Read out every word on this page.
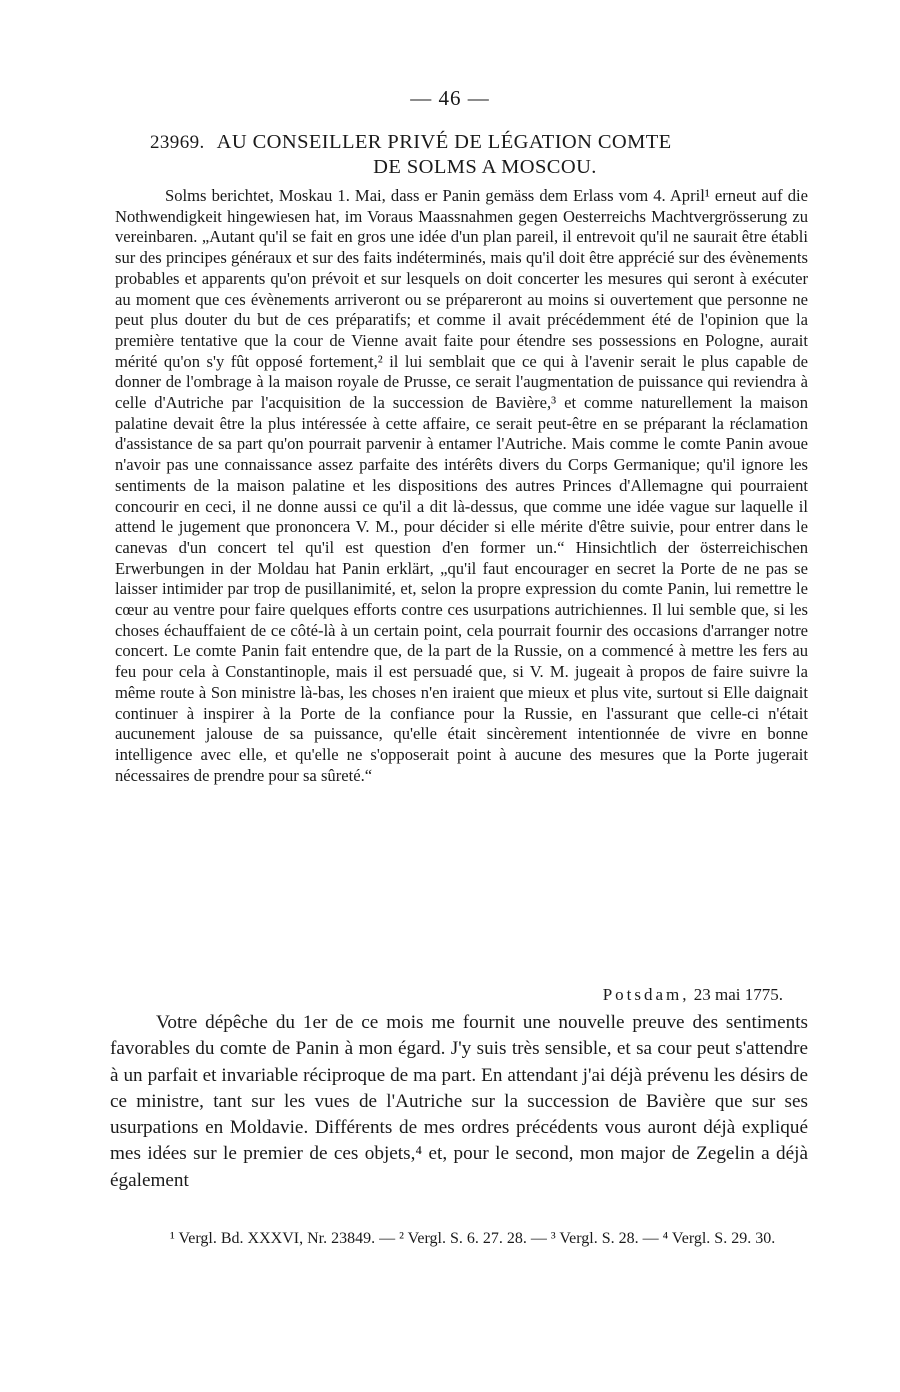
— 46 —
23969. AU CONSEILLER PRIVÉ DE LÉGATION COMTE
DE SOLMS A MOSCOU.

Solms berichtet, Moskau 1. Mai, dass er Panin gemäss dem Erlass vom 4. April¹ erneut auf die Nothwendigkeit hingewiesen hat, im Voraus Maassnahmen gegen Oesterreichs Machtvergrösserung zu vereinbaren. „Autant qu'il se fait en gros une idée d'un plan pareil, il entrevoit qu'il ne saurait être établi sur des principes généraux et sur des faits indéterminés, mais qu'il doit être apprécié sur des évènements probables et apparents qu'on prévoit et sur lesquels on doit concerter les mesures qui seront à exécuter au moment que ces évènements arriveront ou se prépareront au moins si ouvertement que personne ne peut plus douter du but de ces préparatifs; et comme il avait précédemment été de l'opinion que la première tentative que la cour de Vienne avait faite pour étendre ses possessions en Pologne, aurait mérité qu'on s'y fût opposé fortement,² il lui semblait que ce qui à l'avenir serait le plus capable de donner de l'ombrage à la maison royale de Prusse, ce serait l'augmentation de puissance qui reviendra à celle d'Autriche par l'acquisition de la succession de Bavière,³ et comme naturellement la maison palatine devait être la plus intéressée à cette affaire, ce serait peut-être en se préparant la réclamation d'assistance de sa part qu'on pourrait parvenir à entamer l'Autriche. Mais comme le comte Panin avoue n'avoir pas une connaissance assez parfaite des intérêts divers du Corps Germanique; qu'il ignore les sentiments de la maison palatine et les dispositions des autres Princes d'Allemagne qui pourraient concourir en ceci, il ne donne aussi ce qu'il a dit là-dessus, que comme une idée vague sur laquelle il attend le jugement que prononcera V. M., pour décider si elle mérite d'être suivie, pour entrer dans le canevas d'un concert tel qu'il est question d'en former un.“ Hinsichtlich der österreichischen Erwerbungen in der Moldau hat Panin erklärt, „qu'il faut encourager en secret la Porte de ne pas se laisser intimider par trop de pusillanimité, et, selon la propre expression du comte Panin, lui remettre le cœur au ventre pour faire quelques efforts contre ces usurpations autrichiennes. Il lui semble que, si les choses échauffaient de ce côté-là à un certain point, cela pourrait fournir des occasions d'arranger notre concert. Le comte Panin fait entendre que, de la part de la Russie, on a commencé à mettre les fers au feu pour cela à Constantinople, mais il est persuadé que, si V. M. jugeait à propos de faire suivre la même route à Son ministre là-bas, les choses n'en iraient que mieux et plus vite, surtout si Elle daignait continuer à inspirer à la Porte de la confiance pour la Russie, en l'assurant que celle-ci n'était aucunement jalouse de sa puissance, qu'elle était sincèrement intentionnée de vivre en bonne intelligence avec elle, et qu'elle ne s'opposerait point à aucune des mesures que la Porte jugerait nécessaires de prendre pour sa sûreté.“

Potsdam, 23 mai 1775.

Votre dépêche du 1er de ce mois me fournit une nouvelle preuve des sentiments favorables du comte de Panin à mon égard. J'y suis très sensible, et sa cour peut s'attendre à un parfait et invariable réciproque de ma part. En attendant j'ai déjà prévenu les désirs de ce ministre, tant sur les vues de l'Autriche sur la succession de Bavière que sur ses usurpations en Moldavie. Différents de mes ordres précédents vous auront déjà expliqué mes idées sur le premier de ces objets,⁴ et, pour le second, mon major de Zegelin a déjà également

¹ Vergl. Bd. XXXVI, Nr. 23849. — ² Vergl. S. 6. 27. 28. — ³ Vergl. S. 28. — ⁴ Vergl. S. 29. 30.
